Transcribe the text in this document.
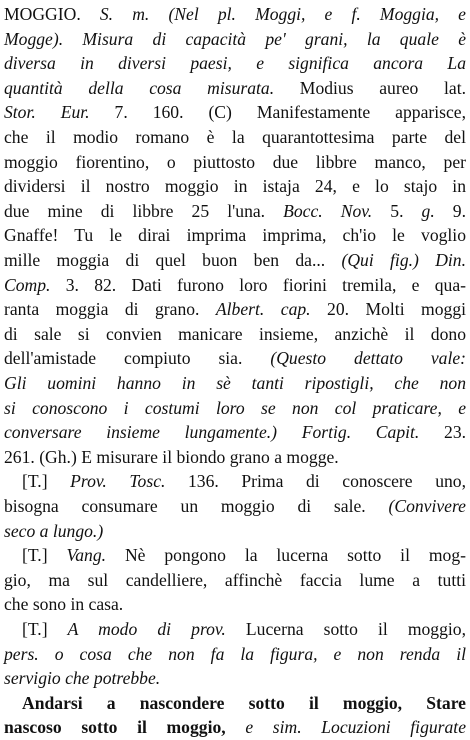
MOGGIO. S. m. (Nel pl. Moggi, e f. Moggia, e
Mogge). Misura di capacità pe' grani, la quale è
diversa in diversi paesi, e significa ancora La
quantità della cosa misurata. Modius aureo lat.
Stor. Eur. 7. 160. (C) Manifestamente apparisce,
che il modio romano è la quarantottesima parte del
moggio fiorentino, o piuttosto due libbre manco, per
dividersi il nostro moggio in istaja 24, e lo stajo in
due mine di libbre 25 l'una. Bocc. Nov. 5. g. 9.
Gnaffe! Tu le dirai imprima imprima, ch'io le voglio
mille moggia di quel buon ben da... (Qui fig.) Din.
Comp. 3. 82. Dati furono loro fiorini tremila, e qua-
ranta moggia di grano. Albert. cap. 20. Molti moggi
di sale si convien manicare insieme, anzichè il dono
dell'amistade compiuto sia. (Questo dettato vale:
Gli uomini hanno in sè tanti ripostigli, che non
si conoscono i costumi loro se non col praticare, e
conversare insieme lungamente.) Fortig. Capit. 23.
261. (Gh.) E misurare il biondo grano a mogge.
[T.] Prov. Tosc. 136. Prima di conoscere uno,
bisogna consumare un moggio di sale. (Convivere
seco a lungo.)
[T.] Vang. Nè pongono la lucerna sotto il mog-
gio, ma sul candelliere, affinchè faccia lume a tutti
che sono in casa.
[T.] A modo di prov. Lucerna sotto il moggio,
pers. o cosa che non fa la figura, e non renda il
servigio che potrebbe.
Andarsi a nascondere sotto il moggio, Stare
nascoso sotto il moggio, e sim. Locuzioni figurate
